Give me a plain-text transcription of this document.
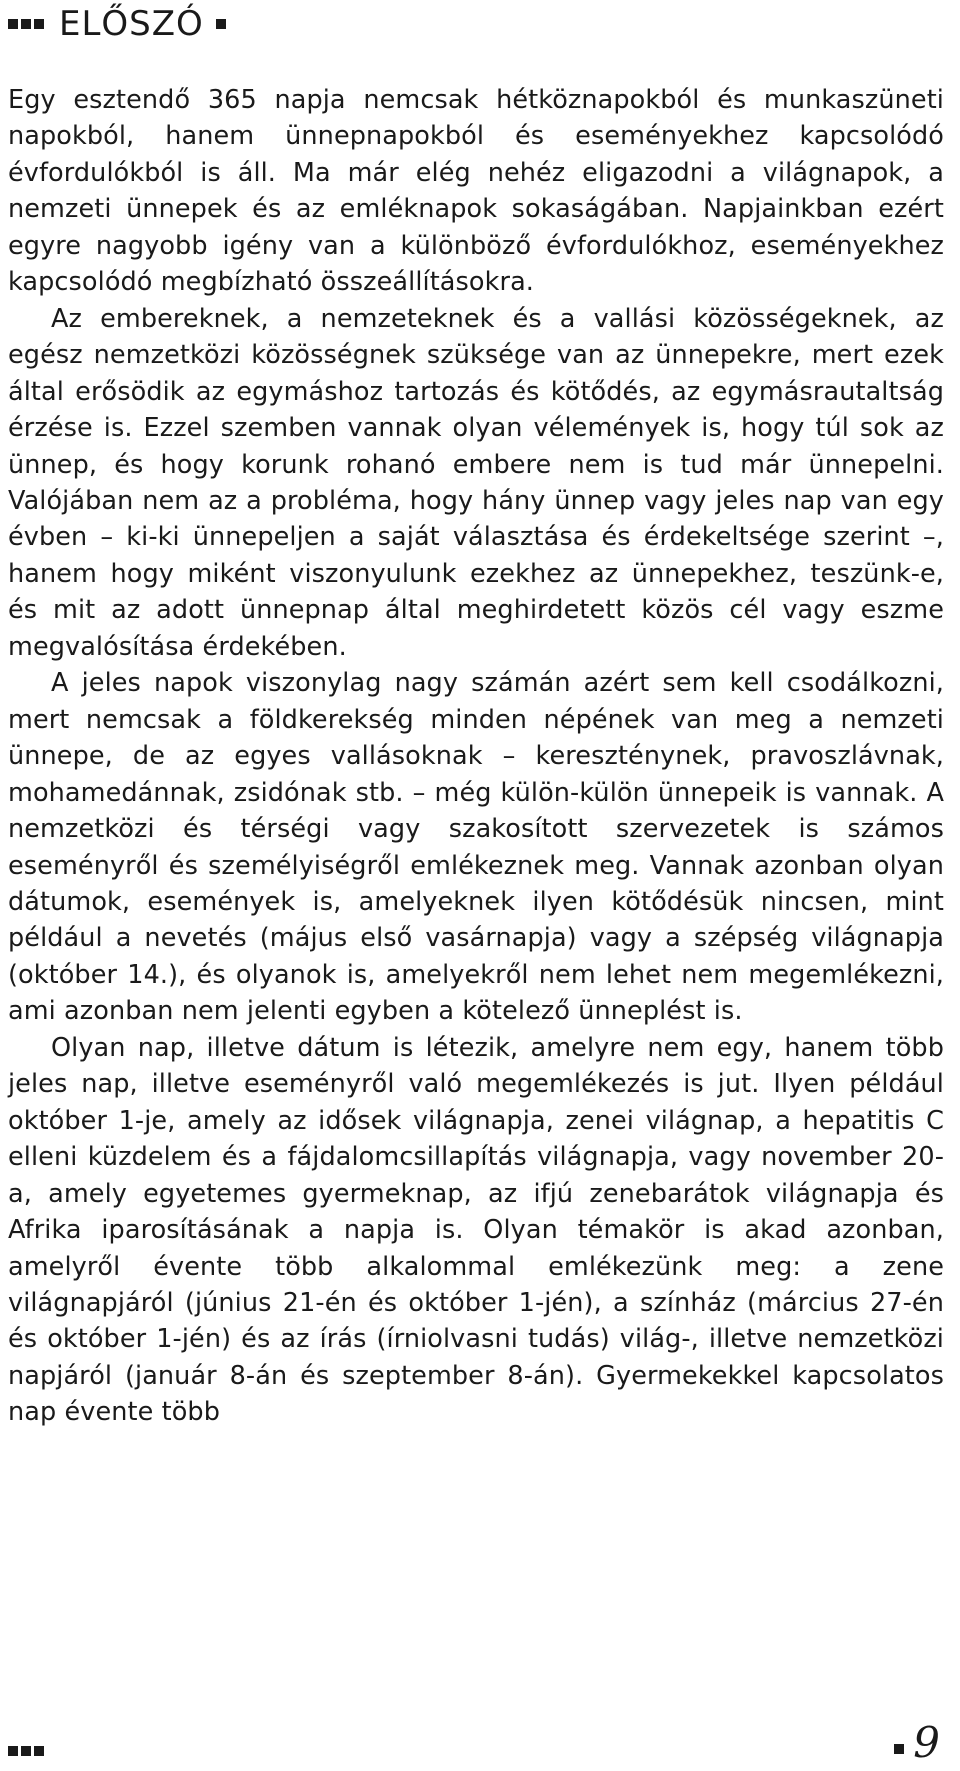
ELŐSZÓ

Egy esztendő 365 napja nemcsak hétköznapokból és munkaszüneti napokból, hanem ünnepnapokból és eseményekhez kapcsolódó évfordulókból is áll. Ma már elég nehéz eligazodni a világnapok, a nemzeti ünnepek és az emléknapok sokaságában. Napjainkban ezért egyre nagyobb igény van a különböző évfordulókhoz, eseményekhez kapcsolódó megbízható összeállításokra.

Az embereknek, a nemzeteknek és a vallási közösségeknek, az egész nemzetközi közösségnek szüksége van az ünnepekre, mert ezek által erősödik az egymáshoz tartozás és kötődés, az egymásrautaltság érzése is. Ezzel szemben vannak olyan vélemények is, hogy túl sok az ünnep, és hogy korunk rohanó embere nem is tud már ünnepelni. Valójában nem az a probléma, hogy hány ünnep vagy jeles nap van egy évben – ki-ki ünnepeljen a saját választása és érdekeltsége szerint –, hanem hogy miként viszonyulunk ezekhez az ünnepekhez, teszünk-e, és mit az adott ünnepnap által meghirdetett közös cél vagy eszme megvalósítása érdekében.

A jeles napok viszonylag nagy számán azért sem kell csodálkozni, mert nemcsak a földkerekség minden népének van meg a nemzeti ünnepe, de az egyes vallásoknak – kereszténynek, pravoszlávnak, mohamedánnak, zsidónak stb. – még külön-külön ünnepeik is vannak. A nemzetközi és térségi vagy szakosított szervezetek is számos eseményről és személyiségről emlékeznek meg. Vannak azonban olyan dátumok, események is, amelyeknek ilyen kötődésük nincsen, mint például a nevetés (május első vasárnapja) vagy a szépség világnapja (október 14.), és olyanok is, amelyekről nem lehet nem megemlékezni, ami azonban nem jelenti egyben a kötelező ünneplést is.

Olyan nap, illetve dátum is létezik, amelyre nem egy, hanem több jeles nap, illetve eseményről való megemlékezés is jut. Ilyen például október 1-je, amely az idősek világnapja, zenei világnap, a hepatitis C elleni küzdelem és a fájdalomcsillapítás világnapja, vagy november 20-a, amely egyetemes gyermeknap, az ifjú zenebarátok világnapja és Afrika iparosításának a napja is. Olyan témakör is akad azonban, amelyről évente több alkalommal emlékezünk meg: a zene világnapjáról (június 21-én és október 1-jén), a színház (március 27-én és október 1-jén) és az írás (írniolvasni tudás) világ-, illetve nemzetközi napjáról (január 8-án és szeptember 8-án). Gyermekekkel kapcsolatos nap évente több

9
